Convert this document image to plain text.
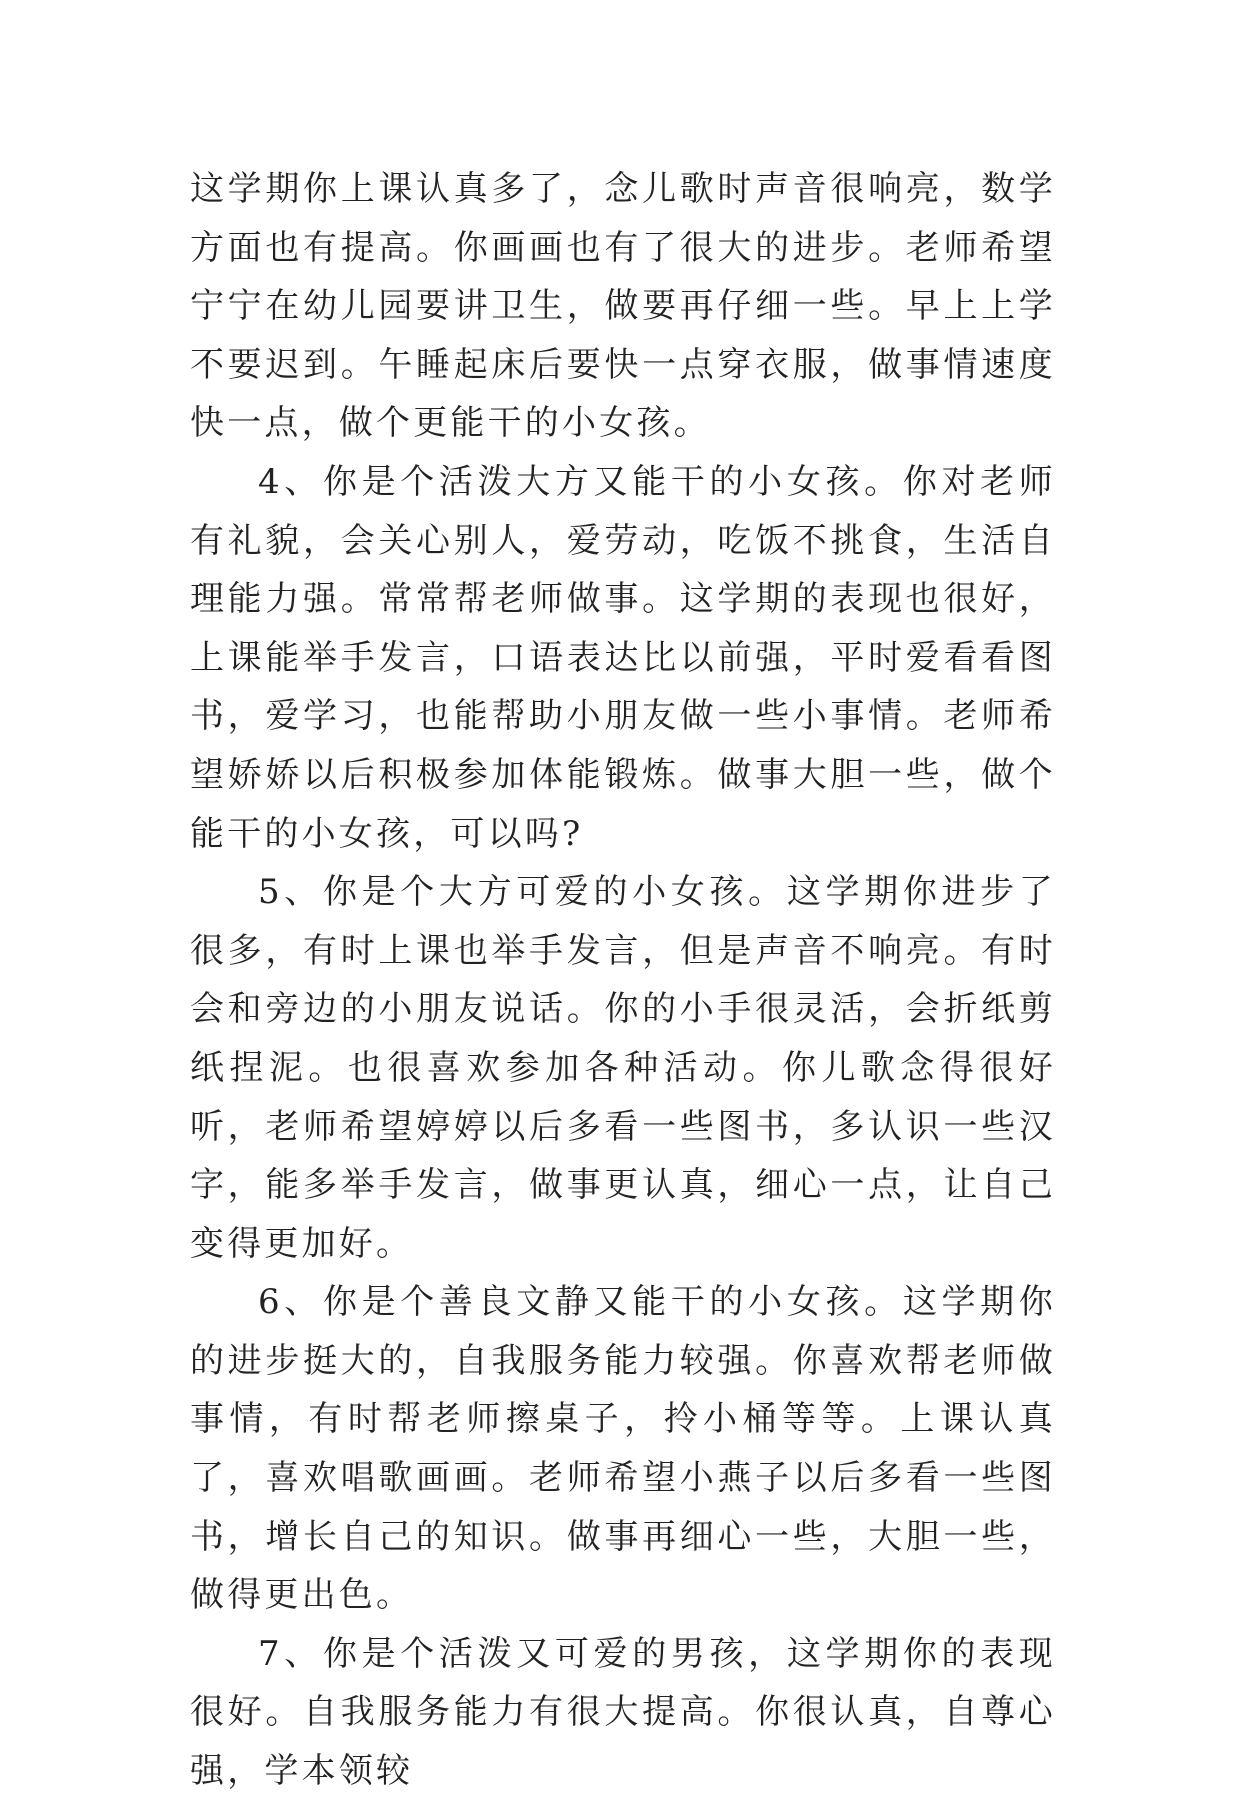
这学期你上课认真多了，念儿歌时声音很响亮，数学方面也有提高。你画画也有了很大的进步。老师希望宁宁在幼儿园要讲卫生，做要再仔细一些。早上上学不要迟到。午睡起床后要快一点穿衣服，做事情速度快一点，做个更能干的小女孩。

4、你是个活泼大方又能干的小女孩。你对老师有礼貌，会关心别人，爱劳动，吃饭不挑食，生活自理能力强。常常帮老师做事。这学期的表现也很好，上课能举手发言，口语表达比以前强，平时爱看看图书，爱学习，也能帮助小朋友做一些小事情。老师希望娇娇以后积极参加体能锻炼。做事大胆一些，做个能干的小女孩，可以吗?

5、你是个大方可爱的小女孩。这学期你进步了很多，有时上课也举手发言，但是声音不响亮。有时会和旁边的小朋友说话。你的小手很灵活，会折纸剪纸捏泥。也很喜欢参加各种活动。你儿歌念得很好听，老师希望婷婷以后多看一些图书，多认识一些汉字，能多举手发言，做事更认真，细心一点，让自己变得更加好。

6、你是个善良文静又能干的小女孩。这学期你的进步挺大的，自我服务能力较强。你喜欢帮老师做事情，有时帮老师擦桌子，拎小桶等等。上课认真了，喜欢唱歌画画。老师希望小燕子以后多看一些图书，增长自己的知识。做事再细心一些，大胆一些，做得更出色。

7、你是个活泼又可爱的男孩，这学期你的表现很好。自我服务能力有很大提高。你很认真，自尊心强，学本领较
